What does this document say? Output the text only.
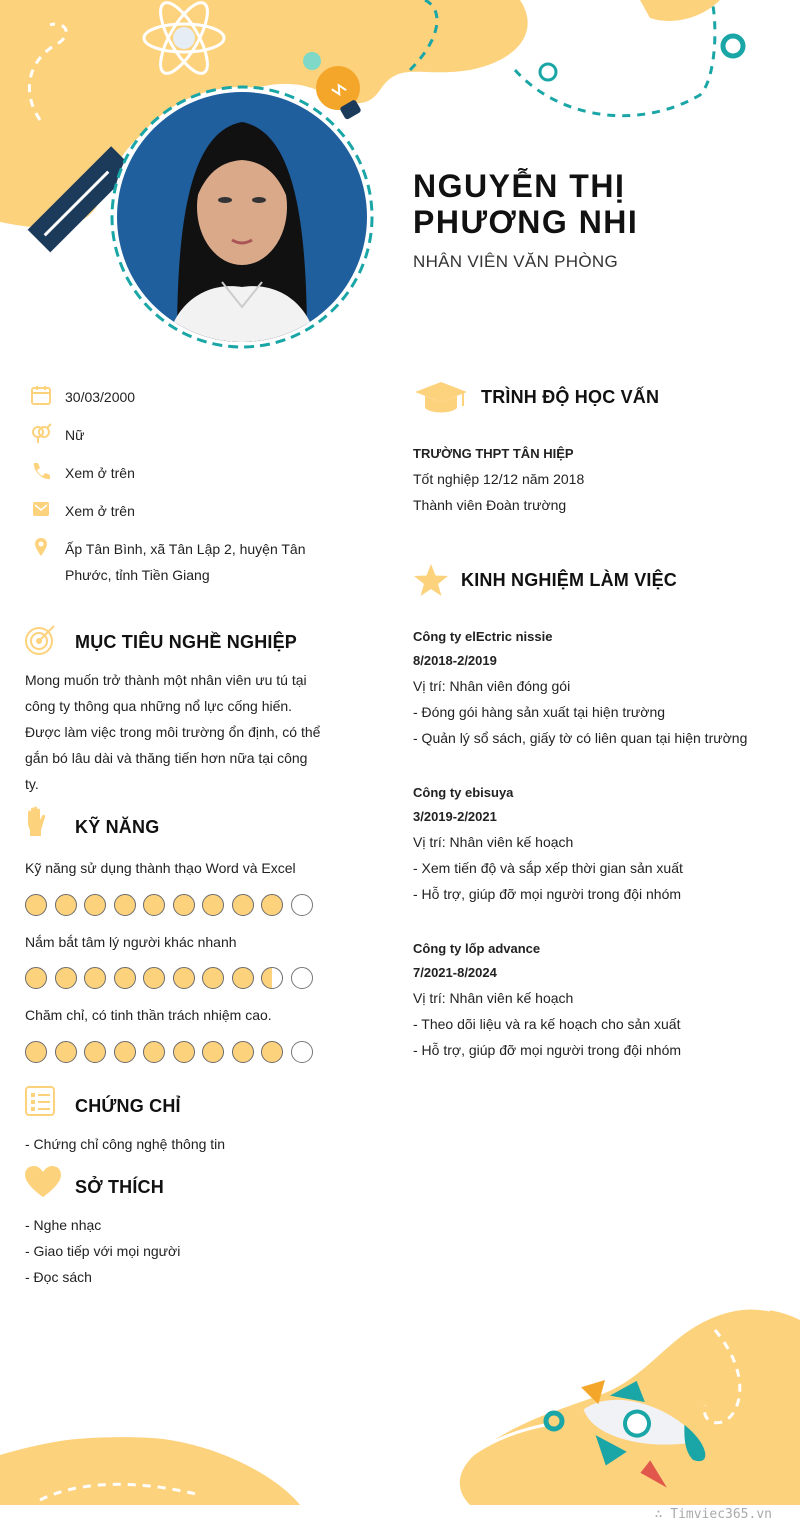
NGUYỄN THỊ PHƯƠNG NHI
NHÂN VIÊN VĂN PHÒNG
30/03/2000
Nữ
Xem ở trên
Xem ở trên
Ấp Tân Bình, xã Tân Lập 2, huyện Tân Phước, tỉnh Tiền Giang
MỤC TIÊU NGHỀ NGHIỆP
Mong muốn trở thành một nhân viên ưu tú tại công ty thông qua những nổ lực cống hiến. Được làm việc trong môi trường ổn định, có thể gắn bó lâu dài và thăng tiến hơn nữa tại công ty.
KỸ NĂNG
Kỹ năng sử dụng thành thạo Word và Excel
Nắm bắt tâm lý người khác nhanh
Chăm chỉ, có tinh thần trách nhiệm cao.
CHỨNG CHỈ
- Chứng chỉ công nghệ thông tin
SỞ THÍCH
- Nghe nhạc
- Giao tiếp với mọi người
- Đọc sách
TRÌNH ĐỘ HỌC VẤN
TRƯỜNG THPT TÂN HIỆP
Tốt nghiệp 12/12 năm 2018
Thành viên Đoàn trường
KINH NGHIỆM LÀM VIỆC
Công ty elEctric nissie
8/2018-2/2019
Vị trí: Nhân viên đóng gói
- Đóng gói hàng sản xuất tại hiện trường
- Quản lý sổ sách, giấy tờ có liên quan tại hiện trường
Công ty ebisuya
3/2019-2/2021
Vị trí: Nhân viên kế hoạch
- Xem tiến độ và sắp xếp thời gian sản xuất
- Hỗ trợ, giúp đỡ mọi người trong đội nhóm
Công ty lốp advance
7/2021-8/2024
Vị trí: Nhân viên kế hoạch
- Theo dõi liệu và ra kế hoạch cho sản xuất
- Hỗ trợ, giúp đỡ mọi người trong đội nhóm
∴ Timviec365.vn
